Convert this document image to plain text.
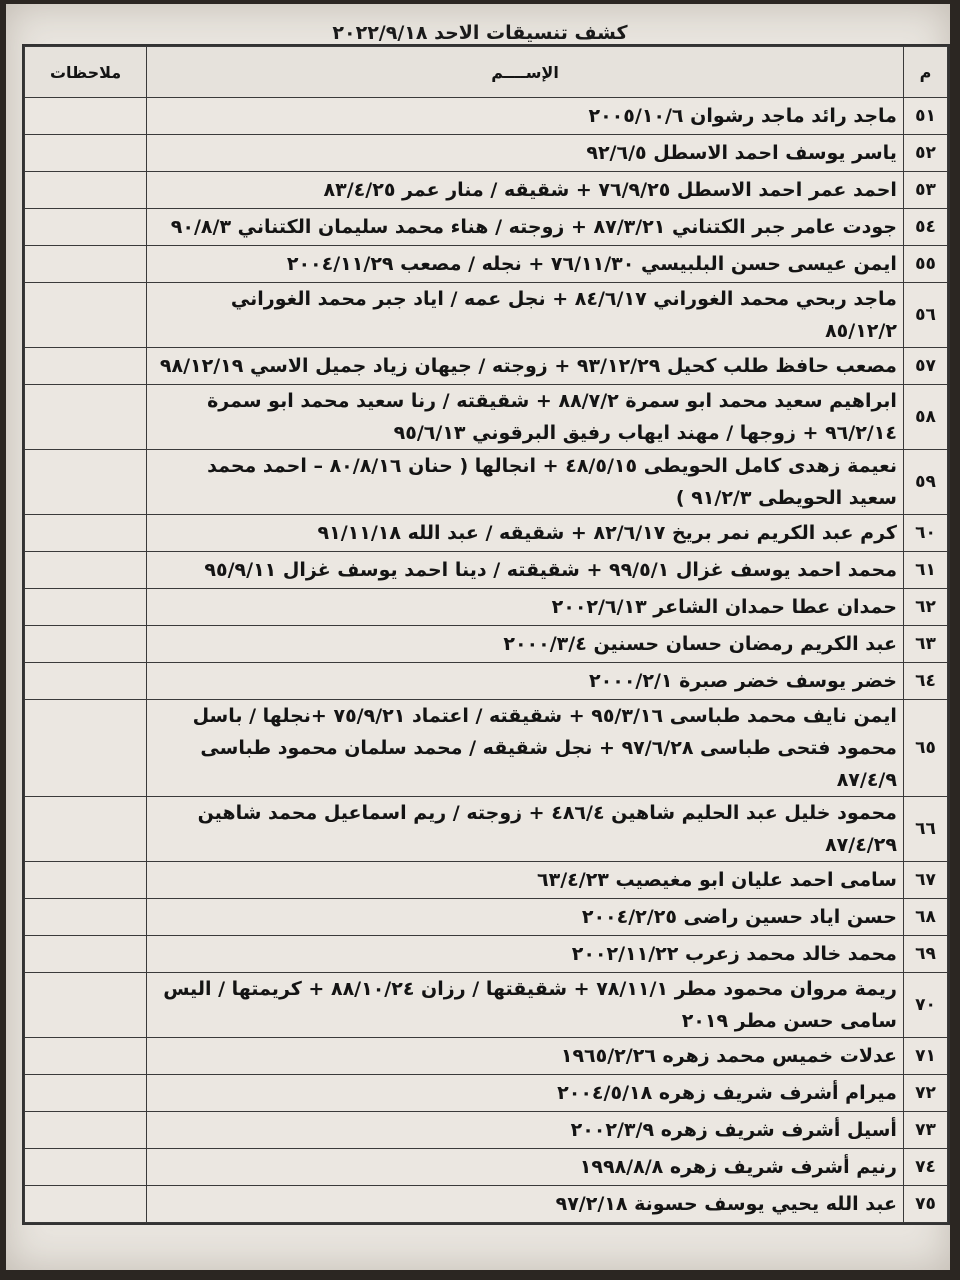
كشف تنسيقات الاحد ٢٠٢٢/٩/١٨
م	الإســــم	ملاحظات
٥١	ماجد رائد ماجد رشوان ٢٠٠٥/١٠/٦	
٥٢	ياسر يوسف احمد الاسطل ٩٢/٦/٥	
٥٣	احمد عمر احمد الاسطل ٧٦/٩/٢٥ + شقيقه / منار عمر ٨٣/٤/٢٥	
٥٤	جودت عامر جبر الكتناني ٨٧/٣/٢١ + زوجته / هناء محمد سليمان الكتناني ٩٠/٨/٣	
٥٥	ايمن عيسى حسن البلبيسي ٧٦/١١/٣٠ + نجله / مصعب ٢٠٠٤/١١/٢٩	
٥٦	ماجد ربحي محمد الغوراني ٨٤/٦/١٧ + نجل عمه / اياد جبر محمد الغوراني ٨٥/١٢/٢	
٥٧	مصعب حافظ طلب كحيل ٩٣/١٢/٢٩ + زوجته / جيهان زياد جميل الاسي ٩٨/١٢/١٩	
٥٨	ابراهيم سعيد محمد ابو سمرة ٨٨/٧/٢ + شقيقته / رنا سعيد محمد ابو سمرة ٩٦/٢/١٤ + زوجها / مهند ايهاب رفيق البرقوني ٩٥/٦/١٣	
٥٩	نعيمة زهدى كامل الحويطى ٤٨/٥/١٥ + انجالها ( حنان ٨٠/٨/١٦ – احمد محمد سعيد الحويطى ٩١/٢/٣ )	
٦٠	كرم عبد الكريم نمر بريخ ٨٢/٦/١٧ + شقيقه / عبد الله ٩١/١١/١٨	
٦١	محمد احمد يوسف غزال ٩٩/٥/١ + شقيقته / دينا احمد يوسف غزال ٩٥/٩/١١	
٦٢	حمدان عطا حمدان الشاعر ٢٠٠٢/٦/١٣	
٦٣	عبد الكريم رمضان حسان حسنين ٢٠٠٠/٣/٤	
٦٤	خضر يوسف خضر صبرة ٢٠٠٠/٢/١	
٦٥	ايمن نايف محمد طباسى ٩٥/٣/١٦ + شقيقته / اعتماد ٧٥/٩/٢١ +نجلها / باسل محمود فتحى طباسى ٩٧/٦/٢٨ + نجل شقيقه / محمد سلمان محمود طباسى ٨٧/٤/٩	
٦٦	محمود خليل عبد الحليم شاهين ٤٨٦/٤ + زوجته / ريم اسماعيل محمد شاهين ٨٧/٤/٢٩	
٦٧	سامى احمد عليان ابو مغيصيب ٦٣/٤/٢٣	
٦٨	حسن اياد حسين راضى ٢٠٠٤/٢/٢٥	
٦٩	محمد خالد محمد زعرب ٢٠٠٢/١١/٢٢	
٧٠	ريمة مروان محمود مطر ٧٨/١١/١ + شقيقتها / رزان ٨٨/١٠/٢٤ + كريمتها / اليس سامى حسن مطر ٢٠١٩	
٧١	عدلات خميس محمد زهره ١٩٦٥/٢/٢٦	
٧٢	ميرام أشرف شريف زهره ٢٠٠٤/٥/١٨	
٧٣	أسيل أشرف شريف زهره ٢٠٠٢/٣/٩	
٧٤	رنيم أشرف شريف زهره ١٩٩٨/٨/٨	
٧٥	عبد الله يحيي يوسف حسونة ٩٧/٢/١٨	
